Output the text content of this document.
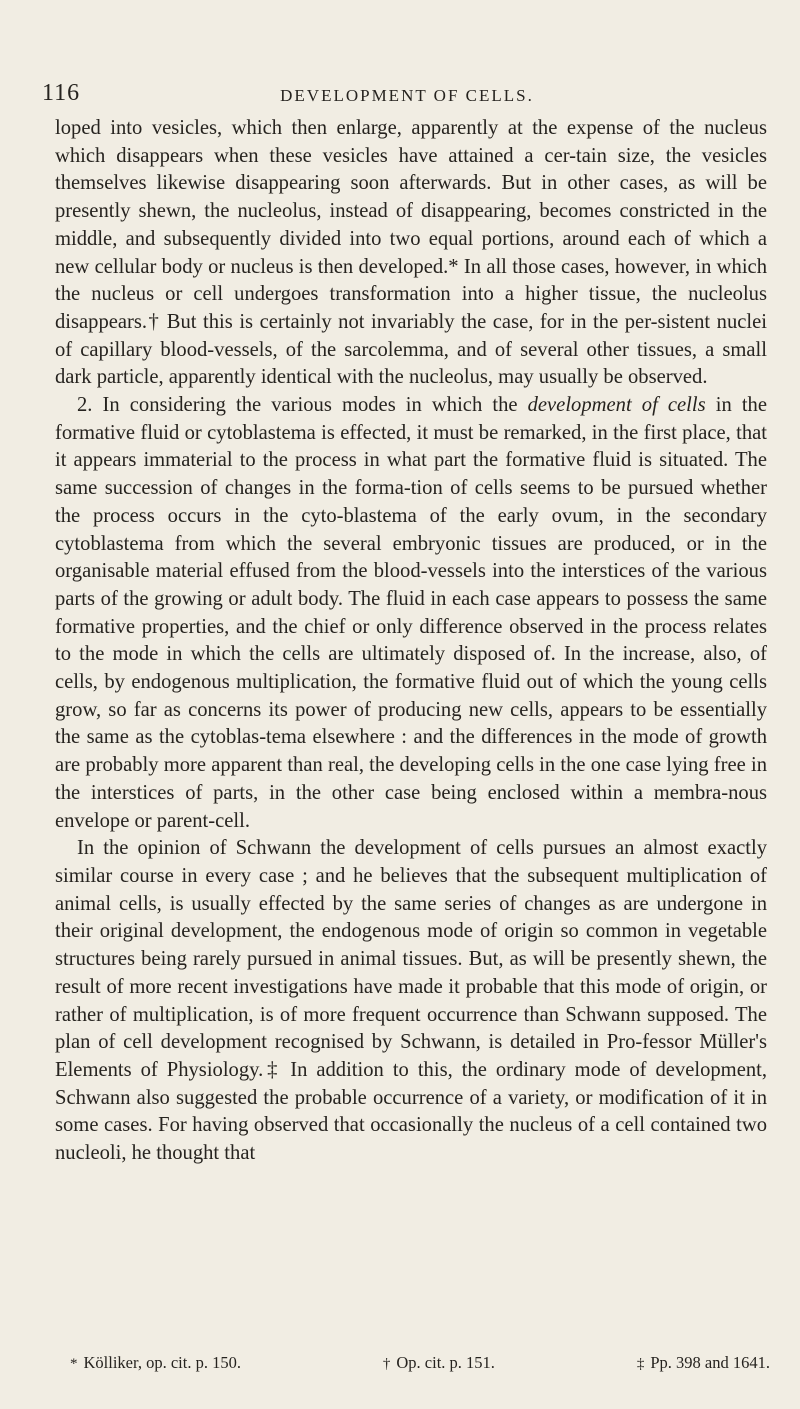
116	DEVELOPMENT OF CELLS.

loped into vesicles, which then enlarge, apparently at the expense of the nucleus which disappears when these vesicles have attained a cer-tain size, the vesicles themselves likewise disappearing soon afterwards. But in other cases, as will be presently shewn, the nucleolus, instead of disappearing, becomes constricted in the middle, and subsequently divided into two equal portions, around each of which a new cellular body or nucleus is then developed.* In all those cases, however, in which the nucleus or cell undergoes transformation into a higher tissue, the nucleolus disappears.† But this is certainly not invariably the case, for in the per-sistent nuclei of capillary blood-vessels, of the sarcolemma, and of several other tissues, a small dark particle, apparently identical with the nucleolus, may usually be observed.

2. In considering the various modes in which the development of cells in the formative fluid or cytoblastema is effected, it must be remarked, in the first place, that it appears immaterial to the process in what part the formative fluid is situated. The same succession of changes in the forma-tion of cells seems to be pursued whether the process occurs in the cyto-blastema of the early ovum, in the secondary cytoblastema from which the several embryonic tissues are produced, or in the organisable material effused from the blood-vessels into the interstices of the various parts of the growing or adult body. The fluid in each case appears to possess the same formative properties, and the chief or only difference observed in the process relates to the mode in which the cells are ultimately disposed of. In the increase, also, of cells, by endogenous multiplication, the formative fluid out of which the young cells grow, so far as concerns its power of producing new cells, appears to be essentially the same as the cytoblas-tema elsewhere : and the differences in the mode of growth are probably more apparent than real, the developing cells in the one case lying free in the interstices of parts, in the other case being enclosed within a membra-nous envelope or parent-cell.

In the opinion of Schwann the development of cells pursues an almost exactly similar course in every case ; and he believes that the subsequent multiplication of animal cells, is usually effected by the same series of changes as are undergone in their original development, the endogenous mode of origin so common in vegetable structures being rarely pursued in animal tissues. But, as will be presently shewn, the result of more recent investigations have made it probable that this mode of origin, or rather of multiplication, is of more frequent occurrence than Schwann supposed. The plan of cell development recognised by Schwann, is detailed in Pro-fessor Müller's Elements of Physiology.‡ In addition to this, the ordinary mode of development, Schwann also suggested the probable occurrence of a variety, or modification of it in some cases. For having observed that occasionally the nucleus of a cell contained two nucleoli, he thought that

* Kölliker, op. cit. p. 150.	† Op. cit. p. 151.	‡ Pp. 398 and 1641.
